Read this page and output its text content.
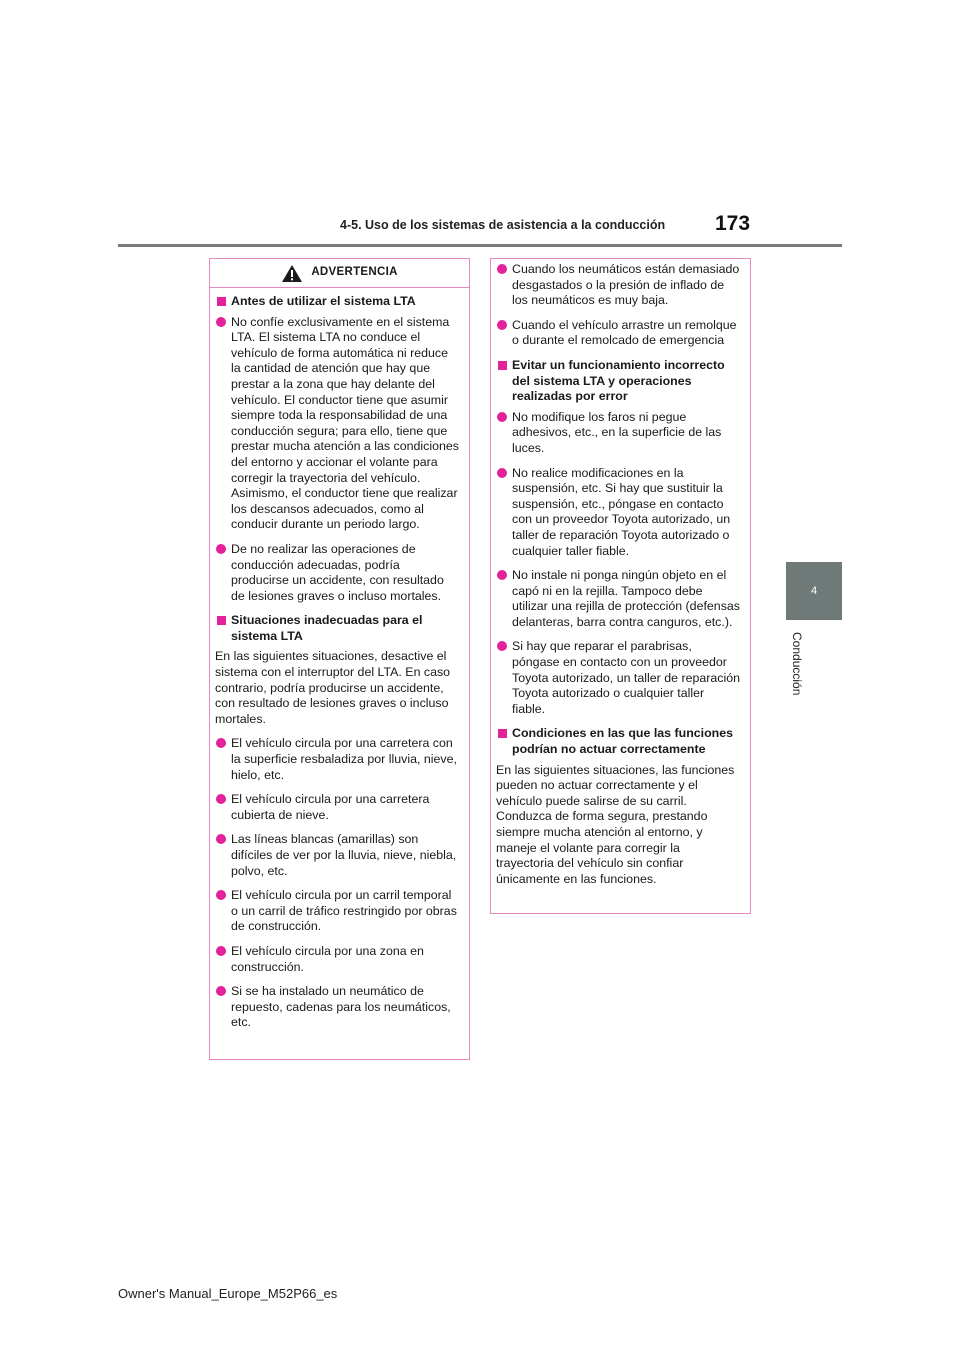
4-5. Uso de los sistemas de asistencia a la conducción	173
4
Conducción
ADVERTENCIA
Antes de utilizar el sistema LTA
No confíe exclusivamente en el sistema LTA. El sistema LTA no conduce el vehículo de forma automática ni reduce la cantidad de atención que hay que prestar a la zona que hay delante del vehículo. El conductor tiene que asumir siempre toda la responsabilidad de una conducción segura; para ello, tiene que prestar mucha atención a las condiciones del entorno y accionar el volante para corregir la trayectoria del vehículo. Asimismo, el conductor tiene que realizar los descansos adecuados, como al conducir durante un periodo largo.
De no realizar las operaciones de conducción adecuadas, podría producirse un accidente, con resultado de lesiones graves o incluso mortales.
Situaciones inadecuadas para el sistema LTA
En las siguientes situaciones, desactive el sistema con el interruptor del LTA. En caso contrario, podría producirse un accidente, con resultado de lesiones graves o incluso mortales.
El vehículo circula por una carretera con la superficie resbaladiza por lluvia, nieve, hielo, etc.
El vehículo circula por una carretera cubierta de nieve.
Las líneas blancas (amarillas) son difíciles de ver por la lluvia, nieve, niebla, polvo, etc.
El vehículo circula por un carril temporal o un carril de tráfico restringido por obras de construcción.
El vehículo circula por una zona en construcción.
Si se ha instalado un neumático de repuesto, cadenas para los neumáticos, etc.
Cuando los neumáticos están demasiado desgastados o la presión de inflado de los neumáticos es muy baja.
Cuando el vehículo arrastre un remolque o durante el remolcado de emergencia
Evitar un funcionamiento incorrecto del sistema LTA y operaciones realizadas por error
No modifique los faros ni pegue adhesivos, etc., en la superficie de las luces.
No realice modificaciones en la suspensión, etc. Si hay que sustituir la suspensión, etc., póngase en contacto con un proveedor Toyota autorizado, un taller de reparación Toyota autorizado o cualquier taller fiable.
No instale ni ponga ningún objeto en el capó ni en la rejilla. Tampoco debe utilizar una rejilla de protección (defensas delanteras, barra contra canguros, etc.).
Si hay que reparar el parabrisas, póngase en contacto con un proveedor Toyota autorizado, un taller de reparación Toyota autorizado o cualquier taller fiable.
Condiciones en las que las funciones podrían no actuar correctamente
En las siguientes situaciones, las funciones pueden no actuar correctamente y el vehículo puede salirse de su carril. Conduzca de forma segura, prestando siempre mucha atención al entorno, y maneje el volante para corregir la trayectoria del vehículo sin confiar únicamente en las funciones.
Owner's Manual_Europe_M52P66_es
